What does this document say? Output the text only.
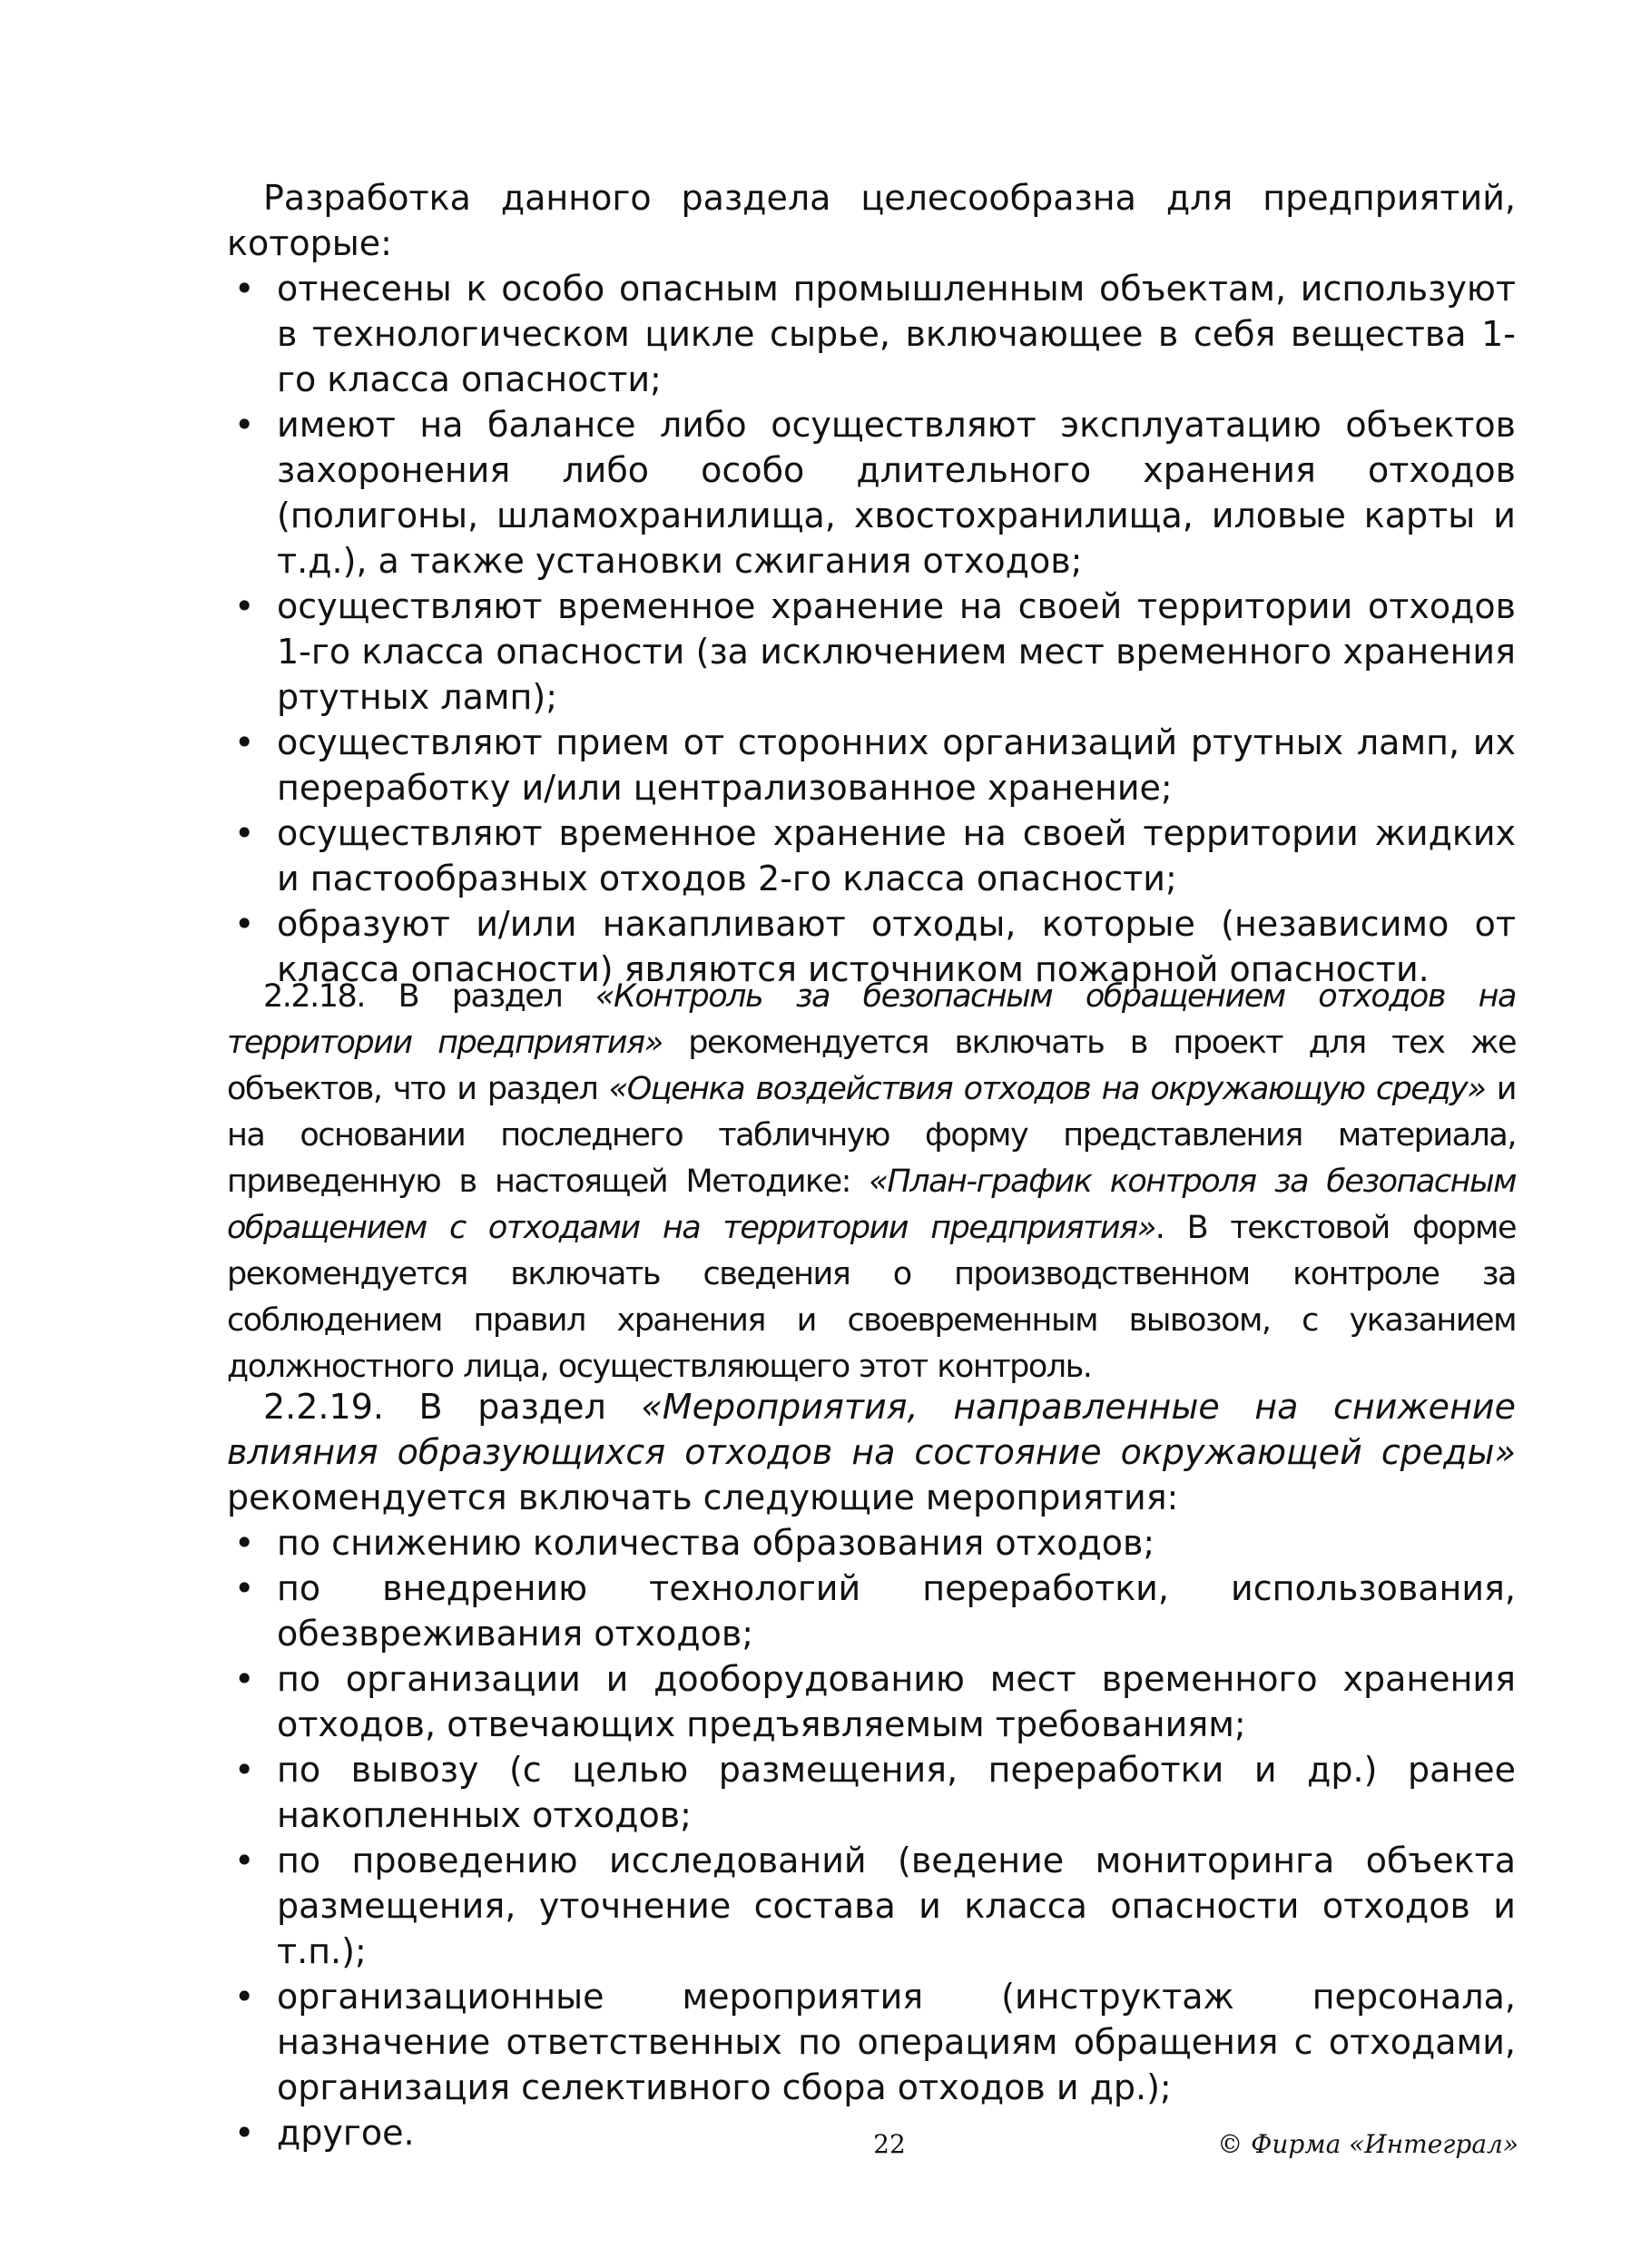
Разработка данного раздела целесообразна для предприятий, которые:

• отнесены к особо опасным промышленным объектам, используют в технологическом цикле сырье, включающее в себя вещества 1-го класса опасности;
• имеют на балансе либо осуществляют эксплуатацию объектов захоронения либо особо длительного хранения отходов (полигоны, шламохранилища, хвостохранилища, иловые карты и т.д.), а также установки сжигания отходов;
• осуществляют временное хранение на своей территории отходов 1-го класса опасности (за исключением мест временного хранения ртутных ламп);
• осуществляют прием от сторонних организаций ртутных ламп, их переработку и/или централизованное хранение;
• осуществляют временное хранение на своей территории жидких и пастообразных отходов 2-го класса опасности;
• образуют и/или накапливают отходы, которые (независимо от класса опасности) являются источником пожарной опасности.

2.2.18. В раздел «Контроль за безопасным обращением отходов на территории предприятия» рекомендуется включать в проект для тех же объектов, что и раздел «Оценка воздействия отходов на окружающую среду» и на основании последнего табличную форму представления материала, приведенную в настоящей Методике: «План-график контроля за безопасным обращением с отходами на территории предприятия». В текстовой форме рекомендуется включать сведения о производственном контроле за соблюдением правил хранения и своевременным вывозом, с указанием должностного лица, осуществляющего этот контроль.

2.2.19. В раздел «Мероприятия, направленные на снижение влияния образующихся отходов на состояние окружающей среды» рекомендуется включать следующие мероприятия:

• по снижению количества образования отходов;
• по внедрению технологий переработки, использования, обезвреживания отходов;
• по организации и дооборудованию мест временного хранения отходов, отвечающих предъявляемым требованиям;
• по вывозу (с целью размещения, переработки и др.) ранее накопленных отходов;
• по проведению исследований (ведение мониторинга объекта размещения, уточнение состава и класса опасности отходов и т.п.);
• организационные мероприятия (инструктаж персонала, назначение ответственных по операциям обращения с отходами, организация селективного сбора отходов и др.);
• другое.	22	© Фирма «Интеграл»
